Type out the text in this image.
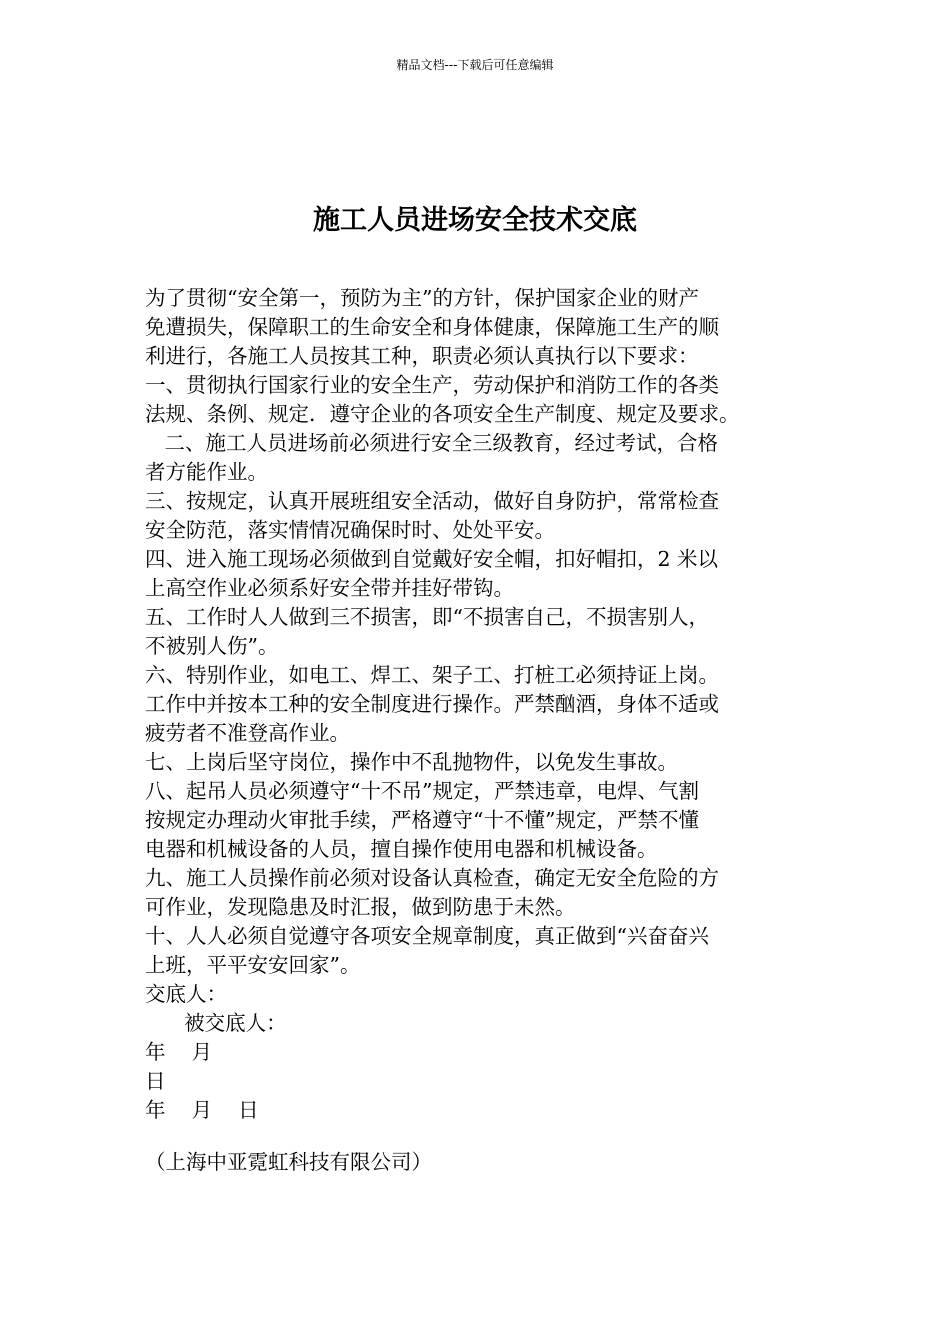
精品文档---下载后可任意编辑
施工人员进场安全技术交底
为了贯彻“安全第一，预防为主”的方针，保护国家企业的财产
免遭损失，保障职工的生命安全和身体健康，保障施工生产的顺
利进行，各施工人员按其工种，职责必须认真执行以下要求：
一、贯彻执行国家行业的安全生产，劳动保护和消防工作的各类
法规、条例、规定．遵守企业的各项安全生产制度、规定及要求。
二、施工人员进场前必须进行安全三级教育，经过考试，合格
者方能作业。
三、按规定，认真开展班组安全活动，做好自身防护，常常检查
安全防范，落实情情况确保时时、处处平安。
四、进入施工现场必须做到自觉戴好安全帽，扣好帽扣，2 米以
上高空作业必须系好安全带并挂好带钩。
五、工作时人人做到三不损害，即“不损害自己，不损害别人，
不被别人伤”。
六、特别作业，如电工、焊工、架子工、打桩工必须持证上岗。
工作中并按本工种的安全制度进行操作。严禁酗酒，身体不适或
疲劳者不准登高作业。
七、上岗后坚守岗位，操作中不乱抛物件，以免发生事故。
八、起吊人员必须遵守“十不吊”规定，严禁违章，电焊、气割
按规定办理动火审批手续，严格遵守“十不懂”规定，严禁不懂
电器和机械设备的人员，擅自操作使用电器和机械设备。
九、施工人员操作前必须对设备认真检查，确定无安全危险的方
可作业，发现隐患及时汇报，做到防患于未然。
十、人人必须自觉遵守各项安全规章制度，真正做到“兴奋奋兴
上班，平平安安回家”。
交底人：
被交底人：
年    月
日
年    月    日
（上海中亚霓虹科技有限公司）
